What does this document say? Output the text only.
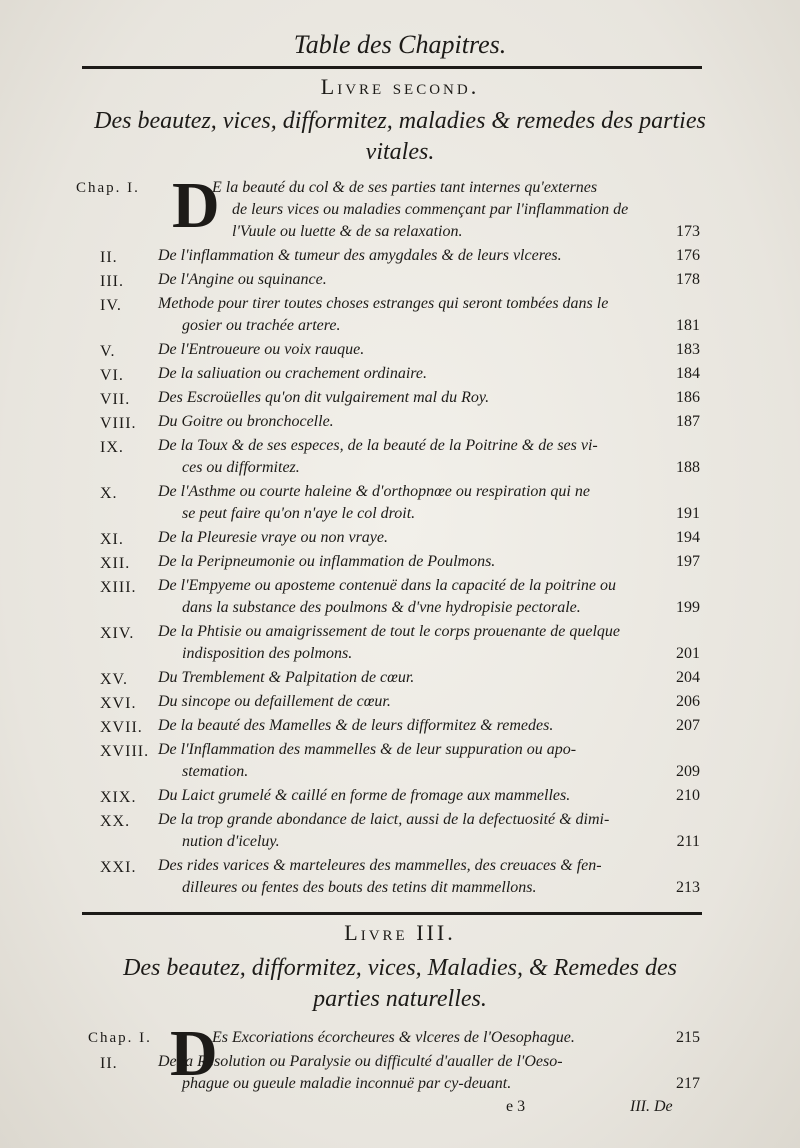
Table des Chapitres.
Livre second.
Des beautez, vices, difformitez, maladies & remedes des parties vitales.
Chap. I. D
E la beauté du col & de ses parties tant internes qu'externes
de leurs vices ou maladies commençant par l'inflammation de
l'Vuule ou luette & de sa relaxation.	173
II.	De l'inflammation & tumeur des amygdales & de leurs vlceres.	176
III. De l'Angine ou squinance.	178
IV. Methode pour tirer toutes choses estranges qui seront tombées dans le
gosier ou trachée artere.	181
V.	De l'Entroueure ou voix rauque.	183
VI. De la saliuation ou crachement ordinaire.	184
VII. Des Escroüelles qu'on dit vulgairement mal du Roy.	186
VIII. Du Goitre ou bronchocelle.	187
IX. De la Toux & de ses especes, de la beauté de la Poitrine & de ses vi-
ces ou difformitez.	188
X.	De l'Asthme ou courte haleine & d'orthopnœe ou respiration qui ne
se peut faire qu'on n'aye le col droit.	191
XI. De la Pleuresie vraye ou non vraye.	194
XII. De la Peripneumonie ou inflammation de Poulmons.	197
XIII. De l'Empyeme ou aposteme contenuë dans la capacité de la poitrine ou
dans la substance des poulmons & d'vne hydropisie pectorale.	199
XIV. De la Phtisie ou amaigrissement de tout le corps prouenante de quelque
indisposition des polmons.	201
XV. Du Tremblement & Palpitation de cœur.	204
XVI. Du sincope ou defaillement de cœur.	206
XVII. De la beauté des Mamelles & de leurs difformitez & remedes.	207
XVIII. De l'Inflammation des mammelles & de leur suppuration ou apo-
stemation.	209
XIX. Du Laict grumelé & caillé en forme de fromage aux mammelles.	210
XX. De la trop grande abondance de laict, aussi de la defectuosité & dimi-
nution d'iceluy.	211
XXI. Des rides varices & marteleures des mammelles, des creuaces & fen-
dilleures ou fentes des bouts des tetins dit mammellons.	213
Livre III.
Des beautez, difformitez, vices, Maladies, & Remedes des parties naturelles.
Chap. I. D
Es Excoriations écorcheures & vlceres de l'Oesophague.	215
II.	De la Resolution ou Paralysie ou difficulté d'aualler de l'Oeso-
phague ou gueule maladie inconnuë par cy-deuant.	217
e 3	III. De
